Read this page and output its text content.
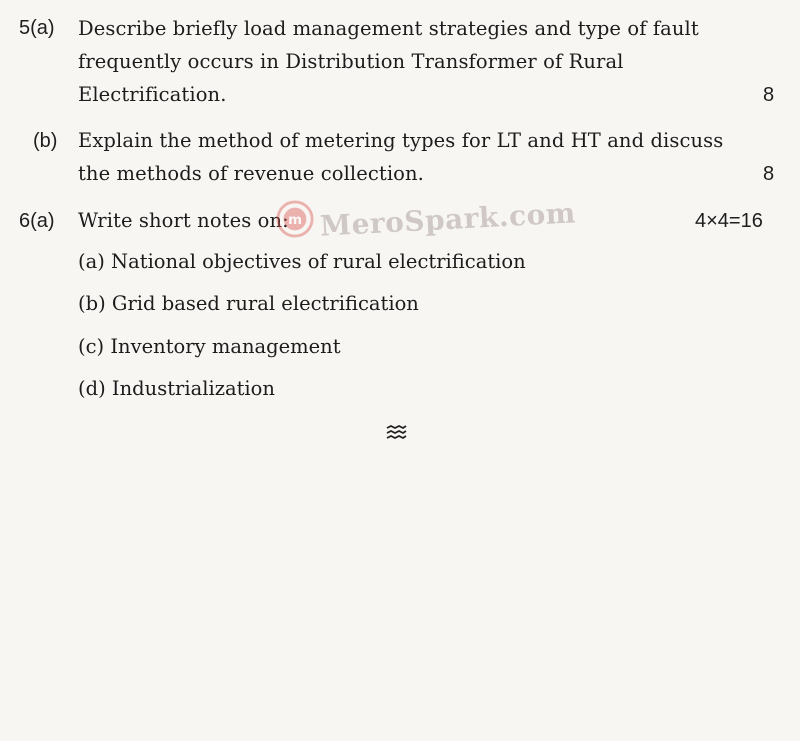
5(a) Describe briefly load management strategies and type of fault
frequently occurs in Distribution Transformer of Rural
Electrification.	8
(b) Explain the method of metering types for LT and HT and discuss
the methods of revenue collection.	8
6(a) Write short notes on:	4×4=16
(a) National objectives of rural electrification
(b) Grid based rural electrification
(c) Inventory management
(d) Industrialization
m MeroSpark.com
